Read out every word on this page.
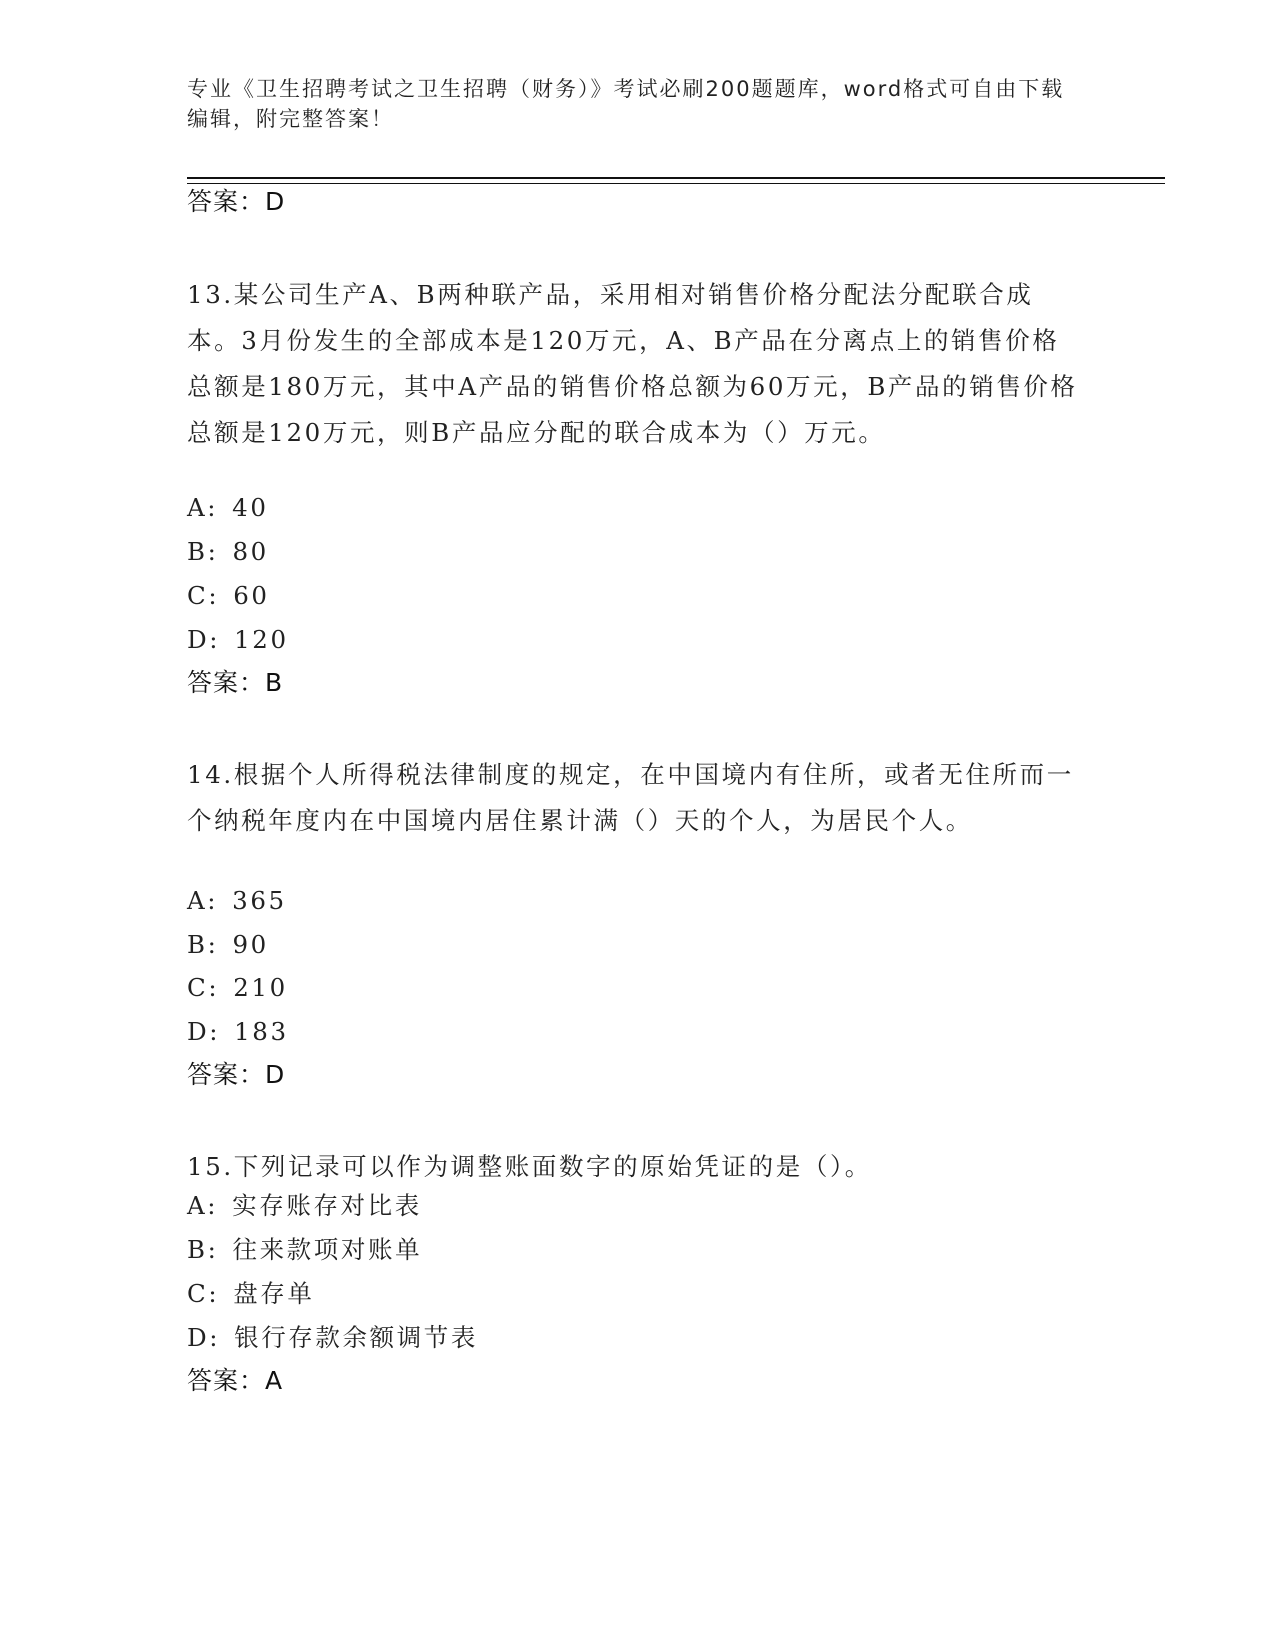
专业《卫生招聘考试之卫生招聘（财务）》考试必刷200题题库，word格式可自由下载编辑，附完整答案！
答案：D
13.某公司生产A、B两种联产品，采用相对销售价格分配法分配联合成本。3月份发生的全部成本是120万元，A、B产品在分离点上的销售价格总额是180万元，其中A产品的销售价格总额为60万元，B产品的销售价格总额是120万元，则B产品应分配的联合成本为（）万元。
A: 40
B: 80
C: 60
D: 120
答案：B
14.根据个人所得税法律制度的规定，在中国境内有住所，或者无住所而一个纳税年度内在中国境内居住累计满（）天的个人，为居民个人。
A: 365
B: 90
C: 210
D: 183
答案：D
15.下列记录可以作为调整账面数字的原始凭证的是（）。
A: 实存账存对比表
B: 往来款项对账单
C: 盘存单
D: 银行存款余额调节表
答案：A
